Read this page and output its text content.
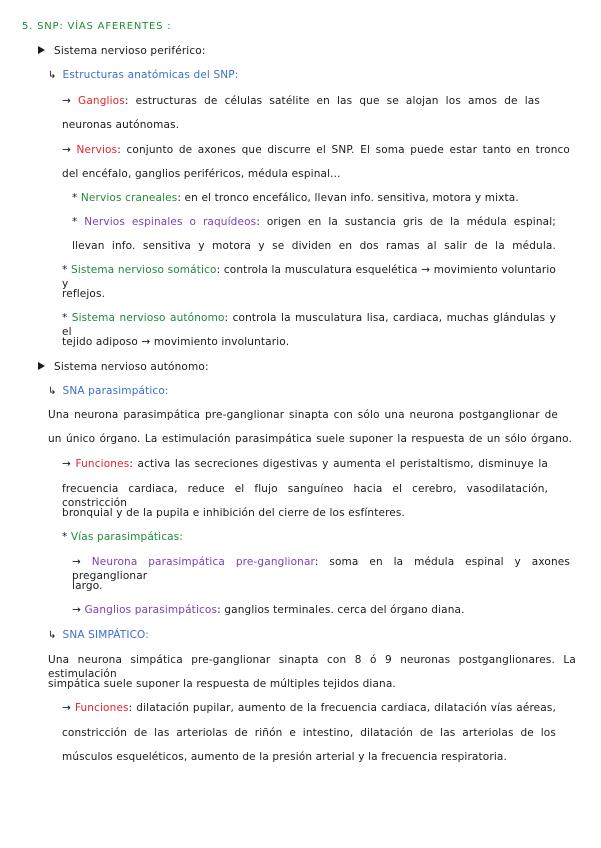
5. SNP: VÍAS AFERENTES :
Sistema nervioso periférico:
↳ Estructuras anatómicas del SNP:
→ Ganglios: estructuras de células satélite en las que se alojan los amos de las
neuronas autónomas.
→ Nervios: conjunto de axones que discurre el SNP. El soma puede estar tanto en tronco
del encéfalo, ganglios periféricos, médula espinal...
* Nervios craneales: en el tronco encefálico, llevan info. sensitiva, motora y mixta.
* Nervios espinales o raquídeos: origen en la sustancia gris de la médula espinal;
llevan info. sensitiva y motora y se dividen en dos ramas al salir de la médula.
* Sistema nervioso somático: controla la musculatura esquelética → movimiento voluntario y
reflejos.
* Sistema nervioso autónomo: controla la musculatura lisa, cardiaca, muchas glándulas y el
tejido adiposo → movimiento involuntario.
Sistema nervioso autónomo:
↳ SNA parasimpático:
Una neurona parasimpática pre-ganglionar sinapta con sólo una neurona postganglionar de
un único órgano. La estimulación parasimpática suele suponer la respuesta de un sólo órgano.
→ Funciones: activa las secreciones digestivas y aumenta el peristaltismo, disminuye la
frecuencia cardiaca, reduce el flujo sanguíneo hacia el cerebro, vasodilatación, constricción
bronquial y de la pupila e inhibición del cierre de los esfínteres.
* Vías parasimpáticas:
→ Neurona parasimpática pre-ganglionar: soma en la médula espinal y axones preganglionar
largo.
→ Ganglios parasimpáticos: ganglios terminales. cerca del órgano diana.
↳ SNA SIMPÁTICO:
Una neurona simpática pre-ganglionar sinapta con 8 ó 9 neuronas postganglionares. La estimulación
simpática suele suponer la respuesta de múltiples tejidos diana.
→ Funciones: dilatación pupilar, aumento de la frecuencia cardiaca, dilatación vías aéreas,
constricción de las arteriolas de riñón e intestino, dilatación de las arteriolas de los
músculos esqueléticos, aumento de la presión arterial y la frecuencia respiratoria.
